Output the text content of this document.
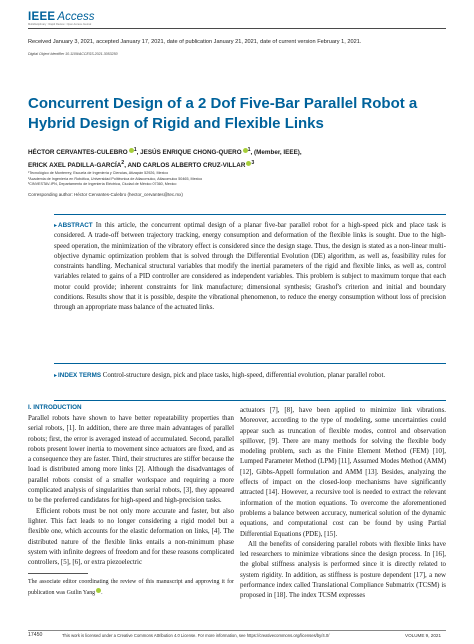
IEEE Access
Multidisciplinary : Rapid Review : Open Access Journal
Received January 3, 2021, accepted January 17, 2021, date of publication January 21, 2021, date of current version February 1, 2021.
Digital Object Identifier 10.1109/ACCESS.2021.3053250
Concurrent Design of a 2 Dof Five-Bar Parallel Robot a Hybrid Design of Rigid and Flexible Links
HÉCTOR CERVANTES-CULEBRO $^1$, JESÚS ENRIQUE CHONG-QUERO $^1$, (Member, IEEE),
ERICK AXEL PADILLA-GARCÍA$^2$, AND CARLOS ALBERTO CRUZ-VILLAR $^3$
¹Tecnológico de Monterrey, Escuela de Ingeniería y Ciencias, Atizapán 52926, Mexico
²Academia de Ingeniería en Robótica, Universidad Politécnica de Atlacomulco, Atlacomulco 50465, Mexico
³CINVESTAV-IPN, Departamento de Ingeniería Eléctrica, Ciudad de México 07360, Mexico
Corresponding author: Héctor Cervantes-Culebro (hector_cervantes@tec.mx)
▸ABSTRACT In this article, the concurrent optimal design of a planar five-bar parallel robot for a high-speed pick and place task is considered. A trade-off between trajectory tracking, energy consumption and deformation of the flexible links is sought. Due to the high-speed operation, the minimization of the vibratory effect is considered since the design stage. Thus, the design is stated as a non-linear multi-objective dynamic optimization problem that is solved through the Differential Evolution (DE) algorithm, as well as, feasibility rules for constraints handling. Mechanical structural variables that modify the inertial parameters of the rigid and flexible links, as well as, control variables related to gains of a PID controller are considered as independent variables. This problem is subject to maximum torque that each motor could provide; inherent constraints for link manufacture; dimensional synthesis; Grashof's criterion and initial and boundary conditions. Results show that it is possible, despite the vibrational phenomenon, to reduce the energy consumption without loss of precision through an appropriate mass balance of the actuated links.
▸INDEX TERMS Control-structure design, pick and place tasks, high-speed, differential evolution, planar parallel robot.
I. INTRODUCTION

Parallel robots have shown to have better repeatability properties than serial robots, [1]. In addition, there are three main advantages of parallel robots; first, the error is averaged instead of accumulated. Second, parallel robots present lower inertia to movement since actuators are fixed, and as a consequence they are faster. Third, their structures are stiffer because the load is distributed among more links [2]. Although the disadvantages of parallel robots consist of a smaller workspace and requiring a more complicated analysis of singularities than serial robots, [3], they appeared to be the preferred candidates for high-speed and high-precision tasks.

Efficient robots must be not only more accurate and faster, but also lighter. This fact leads to no longer considering a rigid model but a flexible one, which accounts for the elastic deformation on links, [4]. The distributed nature of the flexible links entails a non-minimum phase system with infinite degrees of freedom and for these reasons complicated controllers, [5], [6], or extra piezoelectric

The associate editor coordinating the review of this manuscript and approving it for publication was Guilin Yang .

actuators [7], [8], have been applied to minimize link vibrations. Moreover, according to the type of modeling, some uncertainties could appear such as truncation of flexible modes, control and observation spillover, [9]. There are many methods for solving the flexible body modeling problem, such as the Finite Element Method (FEM) [10], Lumped Parameter Method (LPM) [11], Assumed Modes Method (AMM) [12], Gibbs-Appell formulation and AMM [13]. Besides, analyzing the effects of impact on the closed-loop mechanisms have significantly attracted [14]. However, a recursive tool is needed to extract the relevant information of the motion equations. To overcome the aforementioned problems a balance between accuracy, numerical solution of the dynamic equations, and computational cost can be found by using Partial Differential Equations (PDE), [15].

All the benefits of considering parallel robots with flexible links have led researchers to minimize vibrations since the design process. In [16], the global stiffness analysis is performed since it is directly related to system rigidity. In addition, as stiffness is posture dependent [17], a new performance index called Translational Compliance Submatrix (TCSM) is proposed in [18]. The index TCSM expresses

17450	This work is licensed under a Creative Commons Attribution 4.0 License. For more information, see https://creativecommons.org/licenses/by/4.0/	VOLUME 9, 2021
